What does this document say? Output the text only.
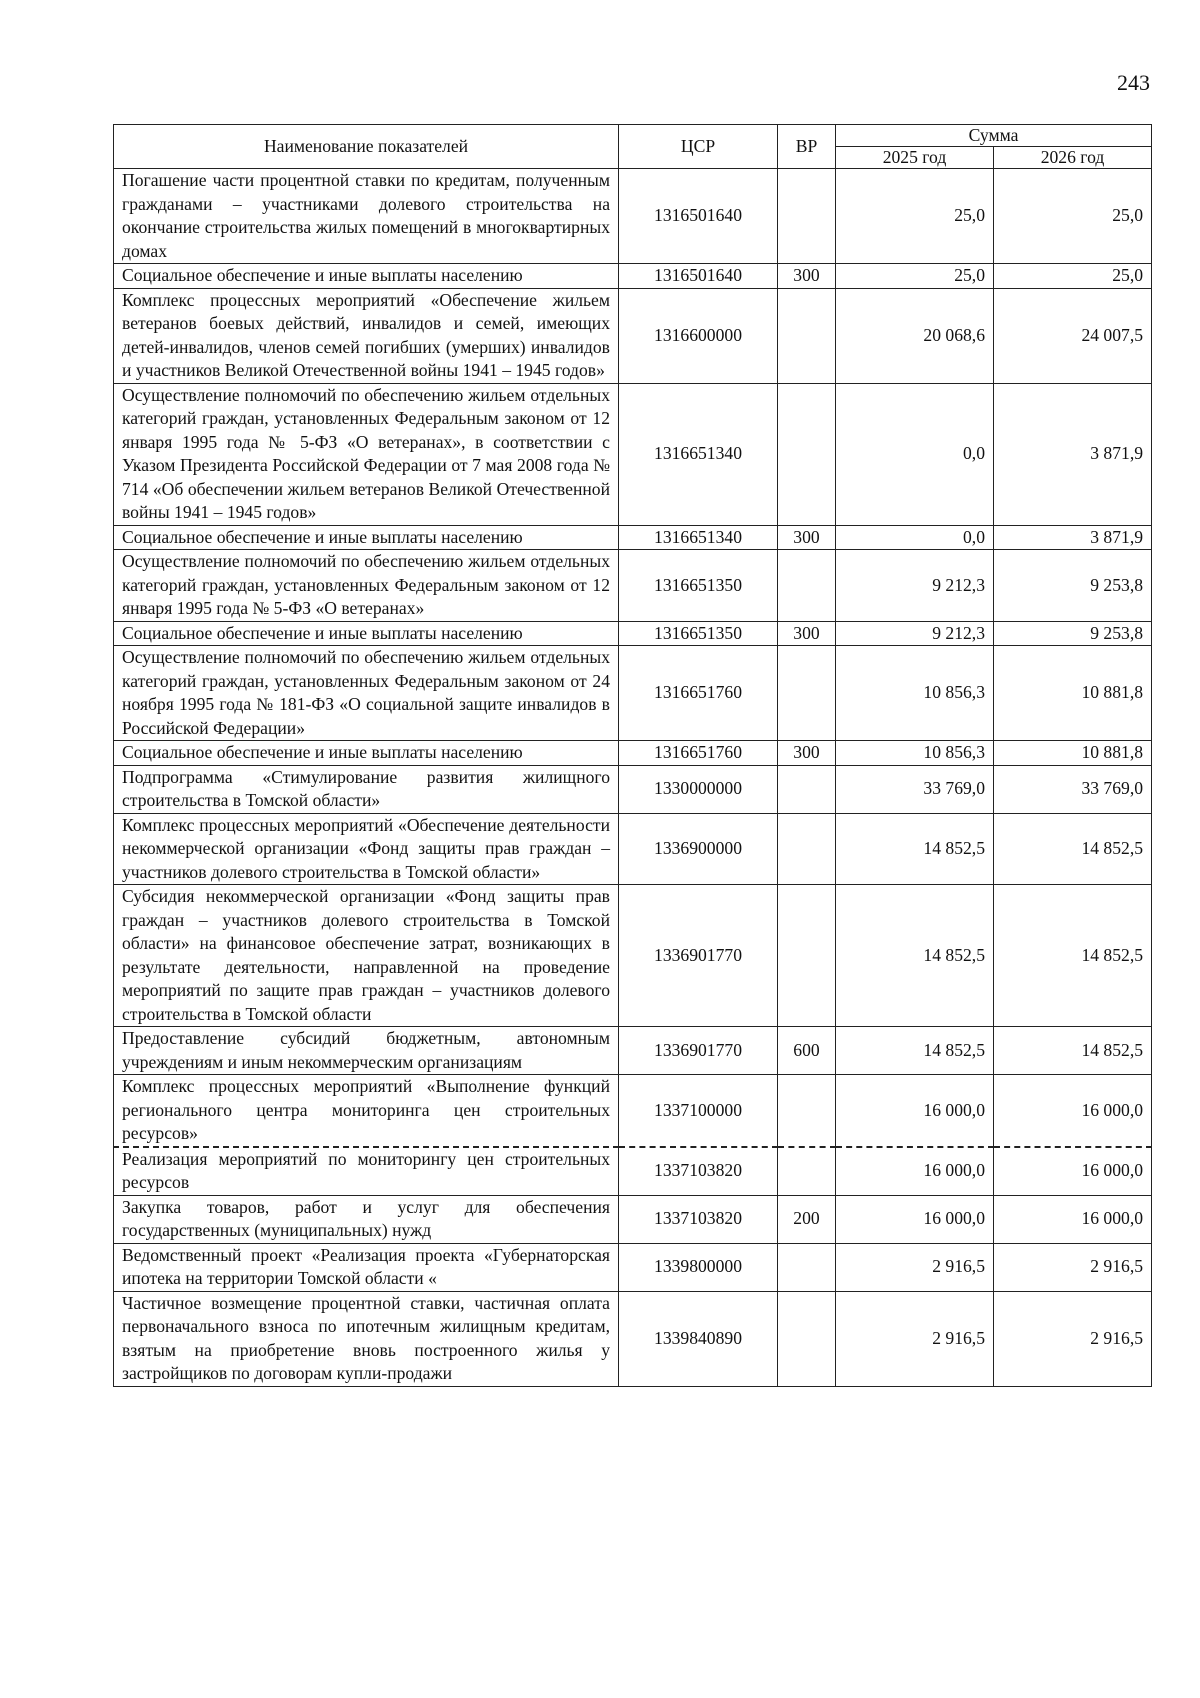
243
Наименование показателей	ЦСР	ВР	Сумма	
			2025 год	2026 год
Погашение части процентной ставки по кредитам, полученным гражданами – участниками долевого строительства на окончание строительства жилых помещений в многоквартирных домах	1316501640		25,0	25,0
Социальное обеспечение и иные выплаты населению	1316501640	300	25,0	25,0
Комплекс процессных мероприятий «Обеспечение жильем ветеранов боевых действий, инвалидов и семей, имеющих детей-инвалидов, членов семей погибших (умерших) инвалидов и участников Великой Отечественной войны 1941 – 1945 годов»	1316600000		20 068,6	24 007,5
Осуществление полномочий по обеспечению жильем отдельных категорий граждан, установленных Федеральным законом от 12 января 1995 года № 5-ФЗ «О ветеранах», в соответствии с Указом Президента Российской Федерации от 7 мая 2008 года № 714 «Об обеспечении жильем ветеранов Великой Отечественной войны 1941 – 1945 годов»	1316651340		0,0	3 871,9
Социальное обеспечение и иные выплаты населению	1316651340	300	0,0	3 871,9
Осуществление полномочий по обеспечению жильем отдельных категорий граждан, установленных Федеральным законом от 12 января 1995 года № 5-ФЗ «О ветеранах»	1316651350		9 212,3	9 253,8
Социальное обеспечение и иные выплаты населению	1316651350	300	9 212,3	9 253,8
Осуществление полномочий по обеспечению жильем отдельных категорий граждан, установленных Федеральным законом от 24 ноября 1995 года № 181-ФЗ «О социальной защите инвалидов в Российской Федерации»	1316651760		10 856,3	10 881,8
Социальное обеспечение и иные выплаты населению	1316651760	300	10 856,3	10 881,8
Подпрограмма «Стимулирование развития жилищного строительства в Томской области»	1330000000		33 769,0	33 769,0
Комплекс процессных мероприятий «Обеспечение деятельности некоммерческой организации «Фонд защиты прав граждан – участников долевого строительства в Томской области»	1336900000		14 852,5	14 852,5
Субсидия некоммерческой организации «Фонд защиты прав граждан – участников долевого строительства в Томской области» на финансовое обеспечение затрат, возникающих в результате деятельности, направленной на проведение мероприятий по защите прав граждан – участников долевого строительства в Томской области	1336901770		14 852,5	14 852,5
Предоставление субсидий бюджетным, автономным учреждениям и иным некоммерческим организациям	1336901770	600	14 852,5	14 852,5
Комплекс процессных мероприятий «Выполнение функций регионального центра мониторинга цен строительных ресурсов»	1337100000		16 000,0	16 000,0
Реализация мероприятий по мониторингу цен строительных ресурсов	1337103820		16 000,0	16 000,0
Закупка товаров, работ и услуг для обеспечения государственных (муниципальных) нужд	1337103820	200	16 000,0	16 000,0
Ведомственный проект «Реализация проекта «Губернаторская ипотека на территории Томской области «	1339800000		2 916,5	2 916,5
Частичное возмещение процентной ставки, частичная оплата первоначального взноса по ипотечным жилищным кредитам, взятым на приобретение вновь построенного жилья у застройщиков по договорам купли-продажи	1339840890		2 916,5	2 916,5
